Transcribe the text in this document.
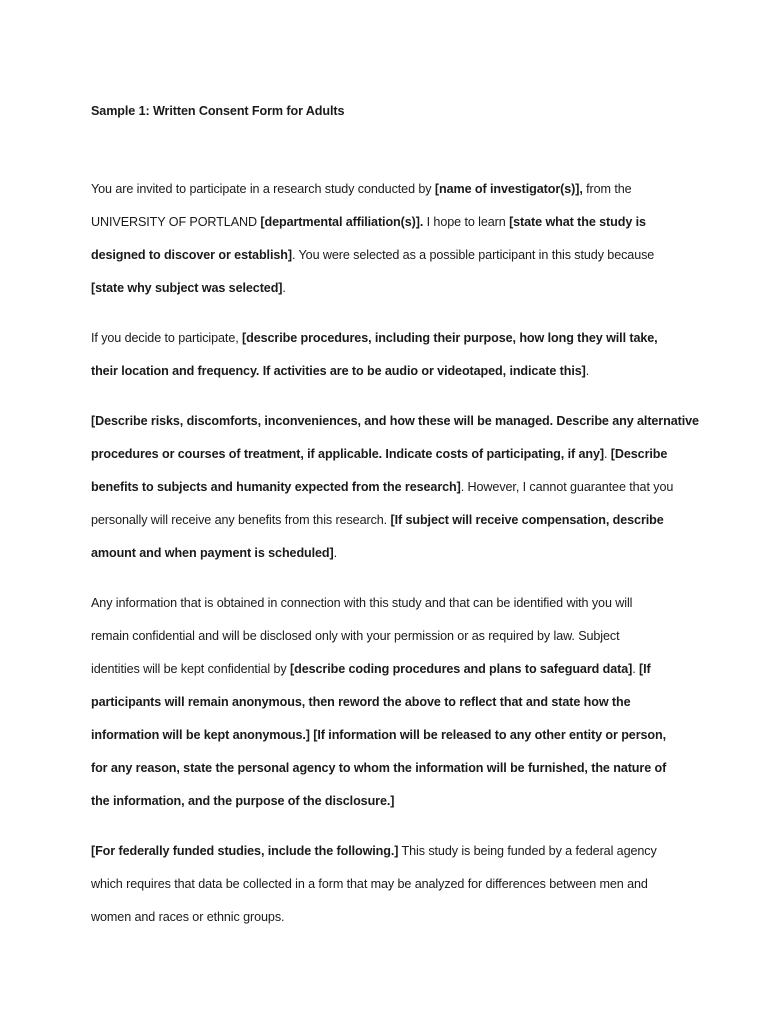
Sample 1: Written Consent Form for Adults

You are invited to participate in a research study conducted by [name of investigator(s)], from the
UNIVERSITY OF PORTLAND [departmental affiliation(s)]. I hope to learn [state what the study is
designed to discover or establish]. You were selected as a possible participant in this study because
[state why subject was selected].

If you decide to participate, [describe procedures, including their purpose, how long they will take,
their location and frequency. If activities are to be audio or videotaped, indicate this].

[Describe risks, discomforts, inconveniences, and how these will be managed. Describe any alternative
procedures or courses of treatment, if applicable. Indicate costs of participating, if any]. [Describe
benefits to subjects and humanity expected from the research]. However, I cannot guarantee that you
personally will receive any benefits from this research. [If subject will receive compensation, describe
amount and when payment is scheduled].

Any information that is obtained in connection with this study and that can be identified with you will
remain confidential and will be disclosed only with your permission or as required by law. Subject
identities will be kept confidential by [describe coding procedures and plans to safeguard data]. [If
participants will remain anonymous, then reword the above to reflect that and state how the
information will be kept anonymous.] [If information will be released to any other entity or person,
for any reason, state the personal agency to whom the information will be furnished, the nature of
the information, and the purpose of the disclosure.]

[For federally funded studies, include the following.] This study is being funded by a federal agency
which requires that data be collected in a form that may be analyzed for differences between men and
women and races or ethnic groups.
